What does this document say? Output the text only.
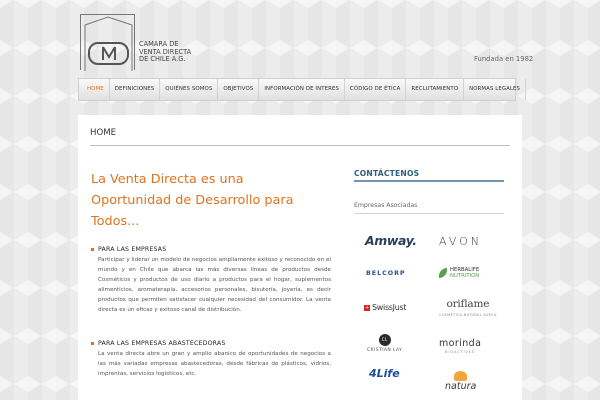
CAMARA DE
VENTA DIRECTA
DE CHILE A.G.	Fundada en 1982
HOME	DEFINICIONES	QUIÉNES SOMOS	OBJETIVOS	INFORMACIÓN DE INTERES	CÓDIGO DE ÉTICA	RECLUTAMIENTO	NORMAS LEGALES
HOME
La Venta Directa es una Oportunidad de Desarrollo para Todos...
PARA LAS EMPRESAS
Participar y liderar un modelo de negocios ampliamente exitoso y reconocido en el mundo y en Chile que abarca las más diversas líneas de productos desde Cosméticos y productos de uso diario a productos para el hogar, suplementos alimenticios, aromaterapia, accesorios personales, bisutería, joyería, es decir productos que permiten satisfacer cualquier necesidad del consumidor. La venta directa es un eficaz y exitoso canal de distribución.
PARA LAS EMPRESAS ABASTECEDORAS
La venta directa abre un gran y amplio abanico de oportunidades de negocios a las más variadas empresas abastecedoras, desde fábricas de plásticos, vidrios, imprentas, servicios logísticos, etc.
CONTÁCTENOS
Empresas Asociadas
Amway. AVON
BELCORP	HERBALIFE
NUTRITION
+ SwissJust	oriflame
COSMÉTICA NATURAL SUECA
CL
CRISTIAN LAY
morinda
BIOACTIVES
4Life
natura
